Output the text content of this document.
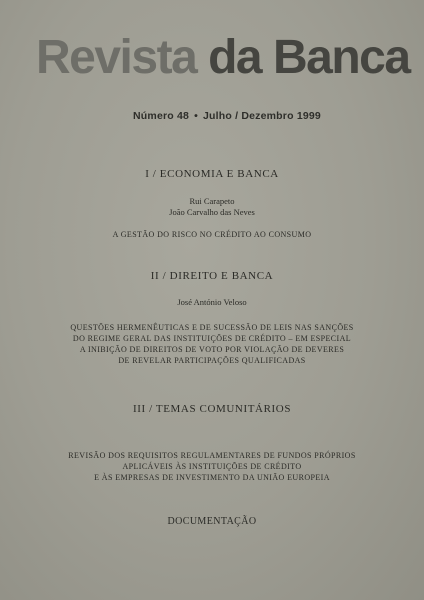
Revista da Banca
Número 48 • Julho / Dezembro 1999
I / ECONOMIA E BANCA
Rui Carapeto
João Carvalho das Neves
A GESTÃO DO RISCO NO CRÉDITO AO CONSUMO
II / DIREITO E BANCA
José António Veloso
QUESTÕES HERMENÊUTICAS E DE SUCESSÃO DE LEIS NAS SANÇÕES
DO REGIME GERAL DAS INSTITUIÇÕES DE CRÉDITO – EM ESPECIAL
A INIBIÇÃO DE DIREITOS DE VOTO POR VIOLAÇÃO DE DEVERES
DE REVELAR PARTICIPAÇÕES QUALIFICADAS
III / TEMAS COMUNITÁRIOS
REVISÃO DOS REQUISITOS REGULAMENTARES DE FUNDOS PRÓPRIOS
APLICÁVEIS ÀS INSTITUIÇÕES DE CRÉDITO
E ÀS EMPRESAS DE INVESTIMENTO DA UNIÃO EUROPEIA
DOCUMENTAÇÃO
